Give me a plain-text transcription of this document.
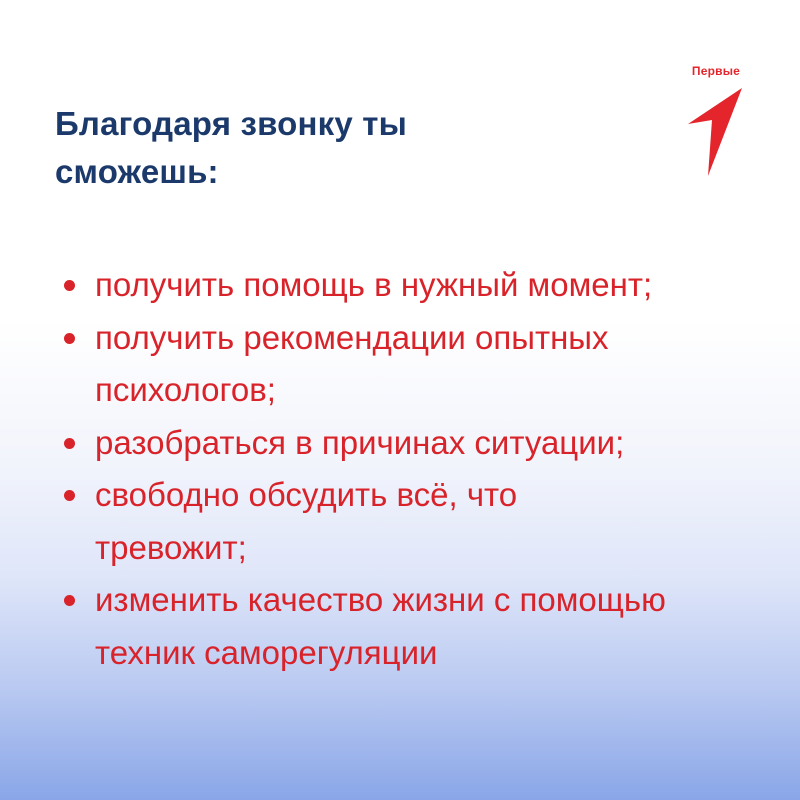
Благодаря звонку ты
сможешь:
Первые
получить помощь в нужный момент;
получить рекомендации опытных психологов;
разобраться в причинах ситуации;
свободно обсудить всё, что тревожит;
изменить качество жизни с помощью техник саморегуляции
